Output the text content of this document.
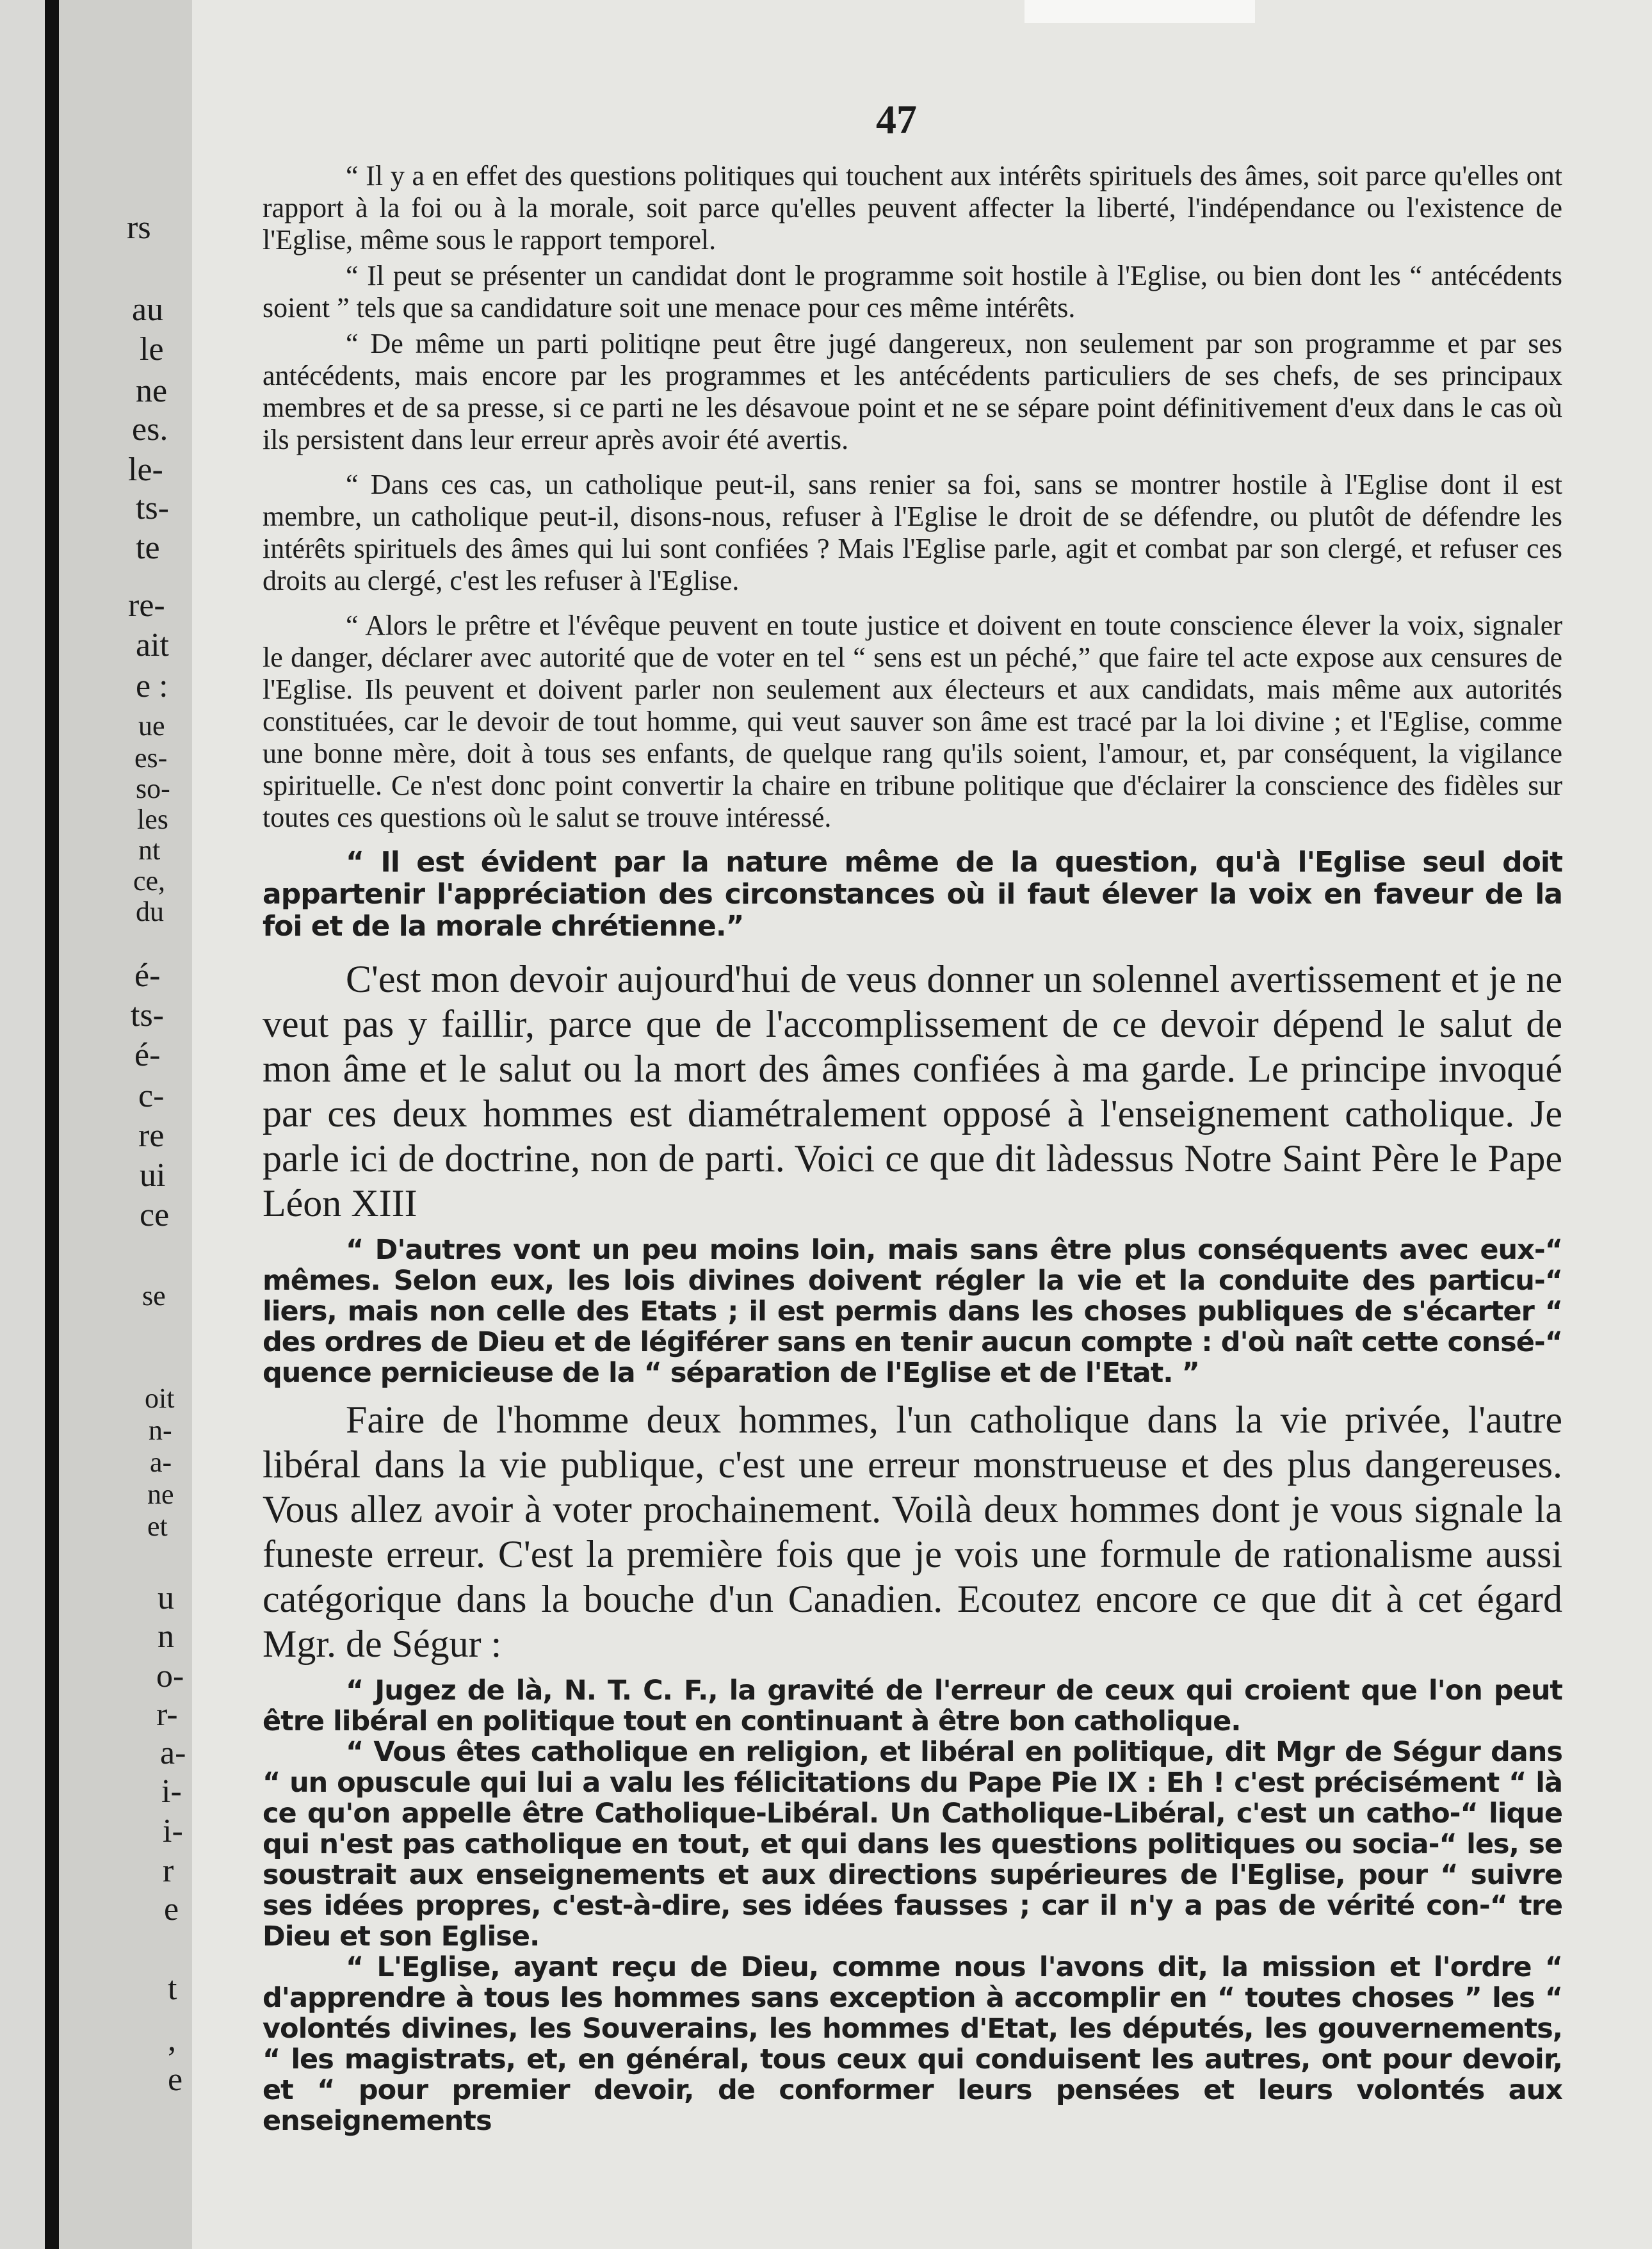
rs
au
le
ne
es.
le-
ts-
te
re-
ait
e :
ue
es-
so-
les
nt
ce,
du
é-
ts-
é-
c-
re
ui
ce
se
oit
n-
a-
ne
et
u
n
o-
r-
a-
i-
i-
r
e
t
,
e
47

“ Il y a en effet des questions politiques qui touchent aux intérêts spirituels des âmes, soit parce qu'elles ont rapport à la foi ou à la morale, soit parce qu'elles peuvent affecter la liberté, l'indépendance ou l'existence de l'Eglise, même sous le rapport temporel.

“ Il peut se présenter un candidat dont le programme soit hostile à l'Eglise, ou bien dont les “ antécédents soient ” tels que sa candidature soit une menace pour ces même intérêts.

“ De même un parti politiqne peut être jugé dangereux, non seulement par son programme et par ses antécédents, mais encore par les programmes et les antécédents particuliers de ses chefs, de ses principaux membres et de sa presse, si ce parti ne les désavoue point et ne se sépare point définitivement d'eux dans le cas où ils persistent dans leur erreur après avoir été avertis.

“ Dans ces cas, un catholique peut-il, sans renier sa foi, sans se montrer hostile à l'Eglise dont il est membre, un catholique peut-il, disons-nous, refuser à l'Eglise le droit de se défendre, ou plutôt de défendre les intérêts spirituels des âmes qui lui sont confiées ? Mais l'Eglise parle, agit et combat par son clergé, et refuser ces droits au clergé, c'est les refuser à l'Eglise.

“ Alors le prêtre et l'évêque peuvent en toute justice et doivent en toute conscience élever la voix, signaler le danger, déclarer avec autorité que de voter en tel “ sens est un péché,” que faire tel acte expose aux censures de l'Eglise. Ils peuvent et doivent parler non seulement aux électeurs et aux candidats, mais même aux autorités constituées, car le devoir de tout homme, qui veut sauver son âme est tracé par la loi divine ; et l'Eglise, comme une bonne mère, doit à tous ses enfants, de quelque rang qu'ils soient, l'amour, et, par conséquent, la vigilance spirituelle. Ce n'est donc point convertir la chaire en tribune politique que d'éclairer la conscience des fidèles sur toutes ces questions où le salut se trouve intéressé.

“ Il est évident par la nature même de la question, qu'à l'Eglise seul doit appartenir l'appréciation des circonstances où il faut élever la voix en faveur de la foi et de la morale chrétienne.”

C'est mon devoir aujourd'hui de veus donner un solennel avertissement et je ne veut pas y faillir, parce que de l'accomplissement de ce devoir dépend le salut de mon âme et le salut ou la mort des âmes confiées à ma garde. Le principe invoqué par ces deux hommes est diamétralement opposé à l'enseignement catholique. Je parle ici de doctrine, non de parti. Voici ce que dit làdessus Notre Saint Père le Pape Léon XIII

“ D'autres vont un peu moins loin, mais sans être plus conséquents avec eux-“ mêmes. Selon eux, les lois divines doivent régler la vie et la conduite des particu-“ liers, mais non celle des Etats ; il est permis dans les choses publiques de s'écarter “ des ordres de Dieu et de légiférer sans en tenir aucun compte : d'où naît cette consé-“ quence pernicieuse de la “ séparation de l'Eglise et de l'Etat. ”

Faire de l'homme deux hommes, l'un catholique dans la vie privée, l'autre libéral dans la vie publique, c'est une erreur monstrueuse et des plus dangereuses. Vous allez avoir à voter prochainement. Voilà deux hommes dont je vous signale la funeste erreur. C'est la première fois que je vois une formule de rationalisme aussi catégorique dans la bouche d'un Canadien. Ecoutez encore ce que dit à cet égard Mgr. de Ségur :

“ Jugez de là, N. T. C. F., la gravité de l'erreur de ceux qui croient que l'on peut être libéral en politique tout en continuant à être bon catholique.

“ Vous êtes catholique en religion, et libéral en politique, dit Mgr de Ségur dans “ un opuscule qui lui a valu les félicitations du Pape Pie IX : Eh ! c'est précisément “ là ce qu'on appelle être Catholique-Libéral. Un Catholique-Libéral, c'est un catho-“ lique qui n'est pas catholique en tout, et qui dans les questions politiques ou socia-“ les, se soustrait aux enseignements et aux directions supérieures de l'Eglise, pour “ suivre ses idées propres, c'est-à-dire, ses idées fausses ; car il n'y a pas de vérité con-“ tre Dieu et son Eglise.

“ L'Eglise, ayant reçu de Dieu, comme nous l'avons dit, la mission et l'ordre “ d'apprendre à tous les hommes sans exception à accomplir en “ toutes choses ” les “ volontés divines, les Souverains, les hommes d'Etat, les députés, les gouvernements, “ les magistrats, et, en général, tous ceux qui conduisent les autres, ont pour devoir, et “ pour premier devoir, de conformer leurs pensées et leurs volontés aux enseignements
